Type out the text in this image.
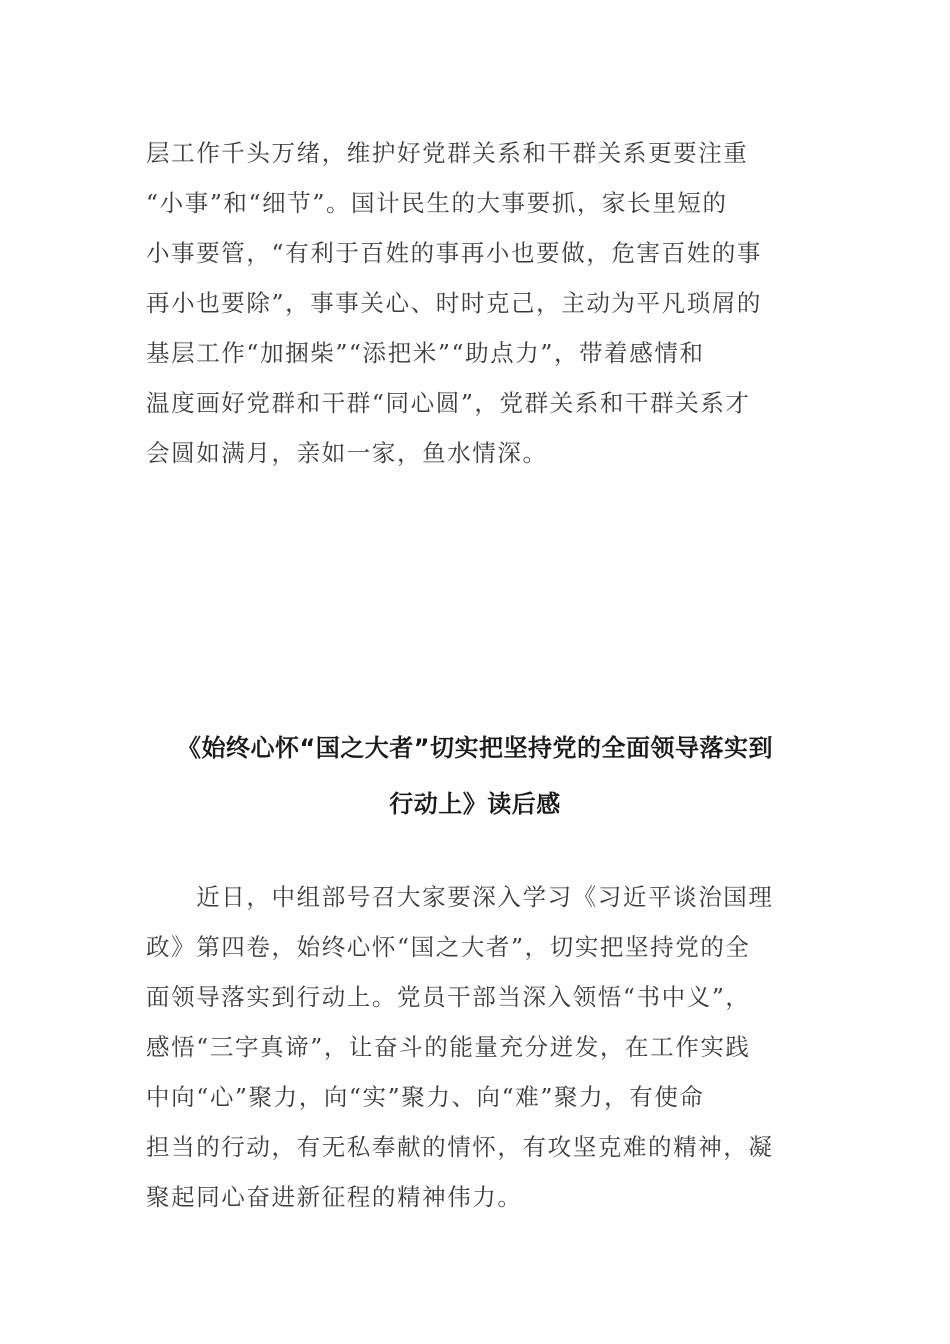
层工作千头万绪，维护好党群关系和干群关系更要注重
“小事”和“细节”。国计民生的大事要抓，家长里短的
小事要管，“有利于百姓的事再小也要做，危害百姓的事
再小也要除”，事事关心、时时克己，主动为平凡琐屑的
基层工作“加捆柴”“添把米”“助点力”，带着感情和
温度画好党群和干群“同心圆”，党群关系和干群关系才
会圆如满月，亲如一家，鱼水情深。
《始终心怀“国之大者”切实把坚持党的全面领导落实到
行动上》读后感
　　近日，中组部号召大家要深入学习《习近平谈治国理
政》第四卷，始终心怀“国之大者”，切实把坚持党的全
面领导落实到行动上。党员干部当深入领悟“书中义”，
感悟“三字真谛”，让奋斗的能量充分迸发，在工作实践
中向“心”聚力，向“实”聚力、向“难”聚力，有使命
担当的行动，有无私奉献的情怀，有攻坚克难的精神，凝
聚起同心奋进新征程的精神伟力。
